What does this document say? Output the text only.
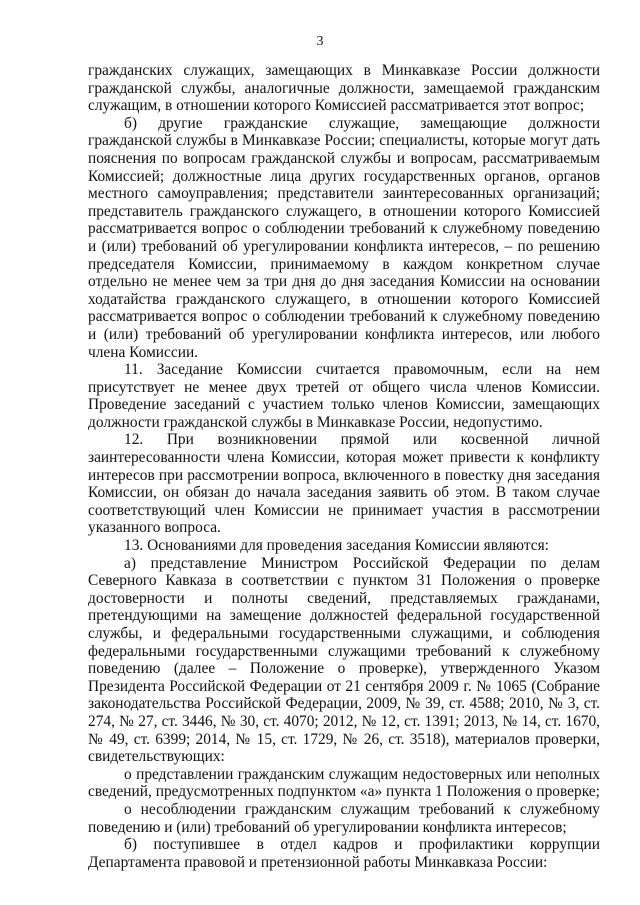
3

гражданских служащих, замещающих в Минкавказе России должности гражданской службы, аналогичные должности, замещаемой гражданским служащим, в отношении которого Комиссией рассматривается этот вопрос;

б) другие гражданские служащие, замещающие должности гражданской службы в Минкавказе России; специалисты, которые могут дать пояснения по вопросам гражданской службы и вопросам, рассматриваемым Комиссией; должностные лица других государственных органов, органов местного самоуправления; представители заинтересованных организаций; представитель гражданского служащего, в отношении которого Комиссией рассматривается вопрос о соблюдении требований к служебному поведению и (или) требований об урегулировании конфликта интересов, – по решению председателя Комиссии, принимаемому в каждом конкретном случае отдельно не менее чем за три дня до дня заседания Комиссии на основании ходатайства гражданского служащего, в отношении которого Комиссией рассматривается вопрос о соблюдении требований к служебному поведению и (или) требований об урегулировании конфликта интересов, или любого члена Комиссии.

11. Заседание Комиссии считается правомочным, если на нем присутствует не менее двух третей от общего числа членов Комиссии. Проведение заседаний с участием только членов Комиссии, замещающих должности гражданской службы в Минкавказе России, недопустимо.

12. При возникновении прямой или косвенной личной заинтересованности члена Комиссии, которая может привести к конфликту интересов при рассмотрении вопроса, включенного в повестку дня заседания Комиссии, он обязан до начала заседания заявить об этом. В таком случае соответствующий член Комиссии не принимает участия в рассмотрении указанного вопроса.

13. Основаниями для проведения заседания Комиссии являются:

а) представление Министром Российской Федерации по делам Северного Кавказа в соответствии с пунктом 31 Положения о проверке достоверности и полноты сведений, представляемых гражданами, претендующими на замещение должностей федеральной государственной службы, и федеральными государственными служащими, и соблюдения федеральными государственными служащими требований к служебному поведению (далее – Положение о проверке), утвержденного Указом Президента Российской Федерации от 21 сентября 2009 г. № 1065 (Собрание законодательства Российской Федерации, 2009, № 39, ст. 4588; 2010, № 3, ст. 274, № 27, ст. 3446, № 30, ст. 4070; 2012, № 12, ст. 1391; 2013, № 14, ст. 1670, № 49, ст. 6399; 2014, № 15, ст. 1729, № 26, ст. 3518), материалов проверки, свидетельствующих:

о представлении гражданским служащим недостоверных или неполных сведений, предусмотренных подпунктом «а» пункта 1 Положения о проверке;

о несоблюдении гражданским служащим требований к служебному поведению и (или) требований об урегулировании конфликта интересов;

б) поступившее в отдел кадров и профилактики коррупции Департамента правовой и претензионной работы Минкавказа России:
